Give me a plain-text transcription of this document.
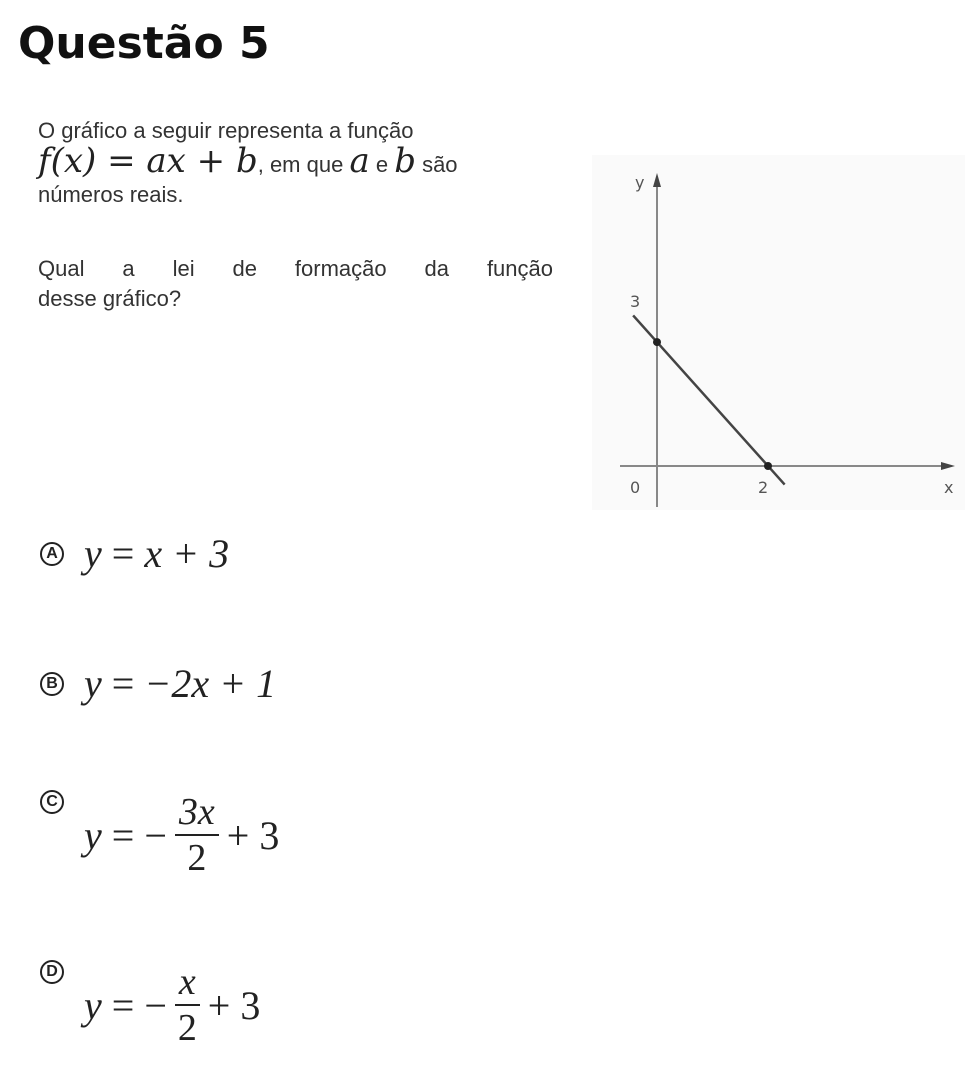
Questão 5

O gráfico a seguir representa a função

f(x) = ax + b, em que a e b são

números reais.

Qual a lei de formação da função

desse gráfico?

y
x
0	2
3
A y = x + 3
B y = −2x + 1
C
y = − $\frac{3x}{2} + 3$
D
y = − $\frac{x}{2} + 3$
